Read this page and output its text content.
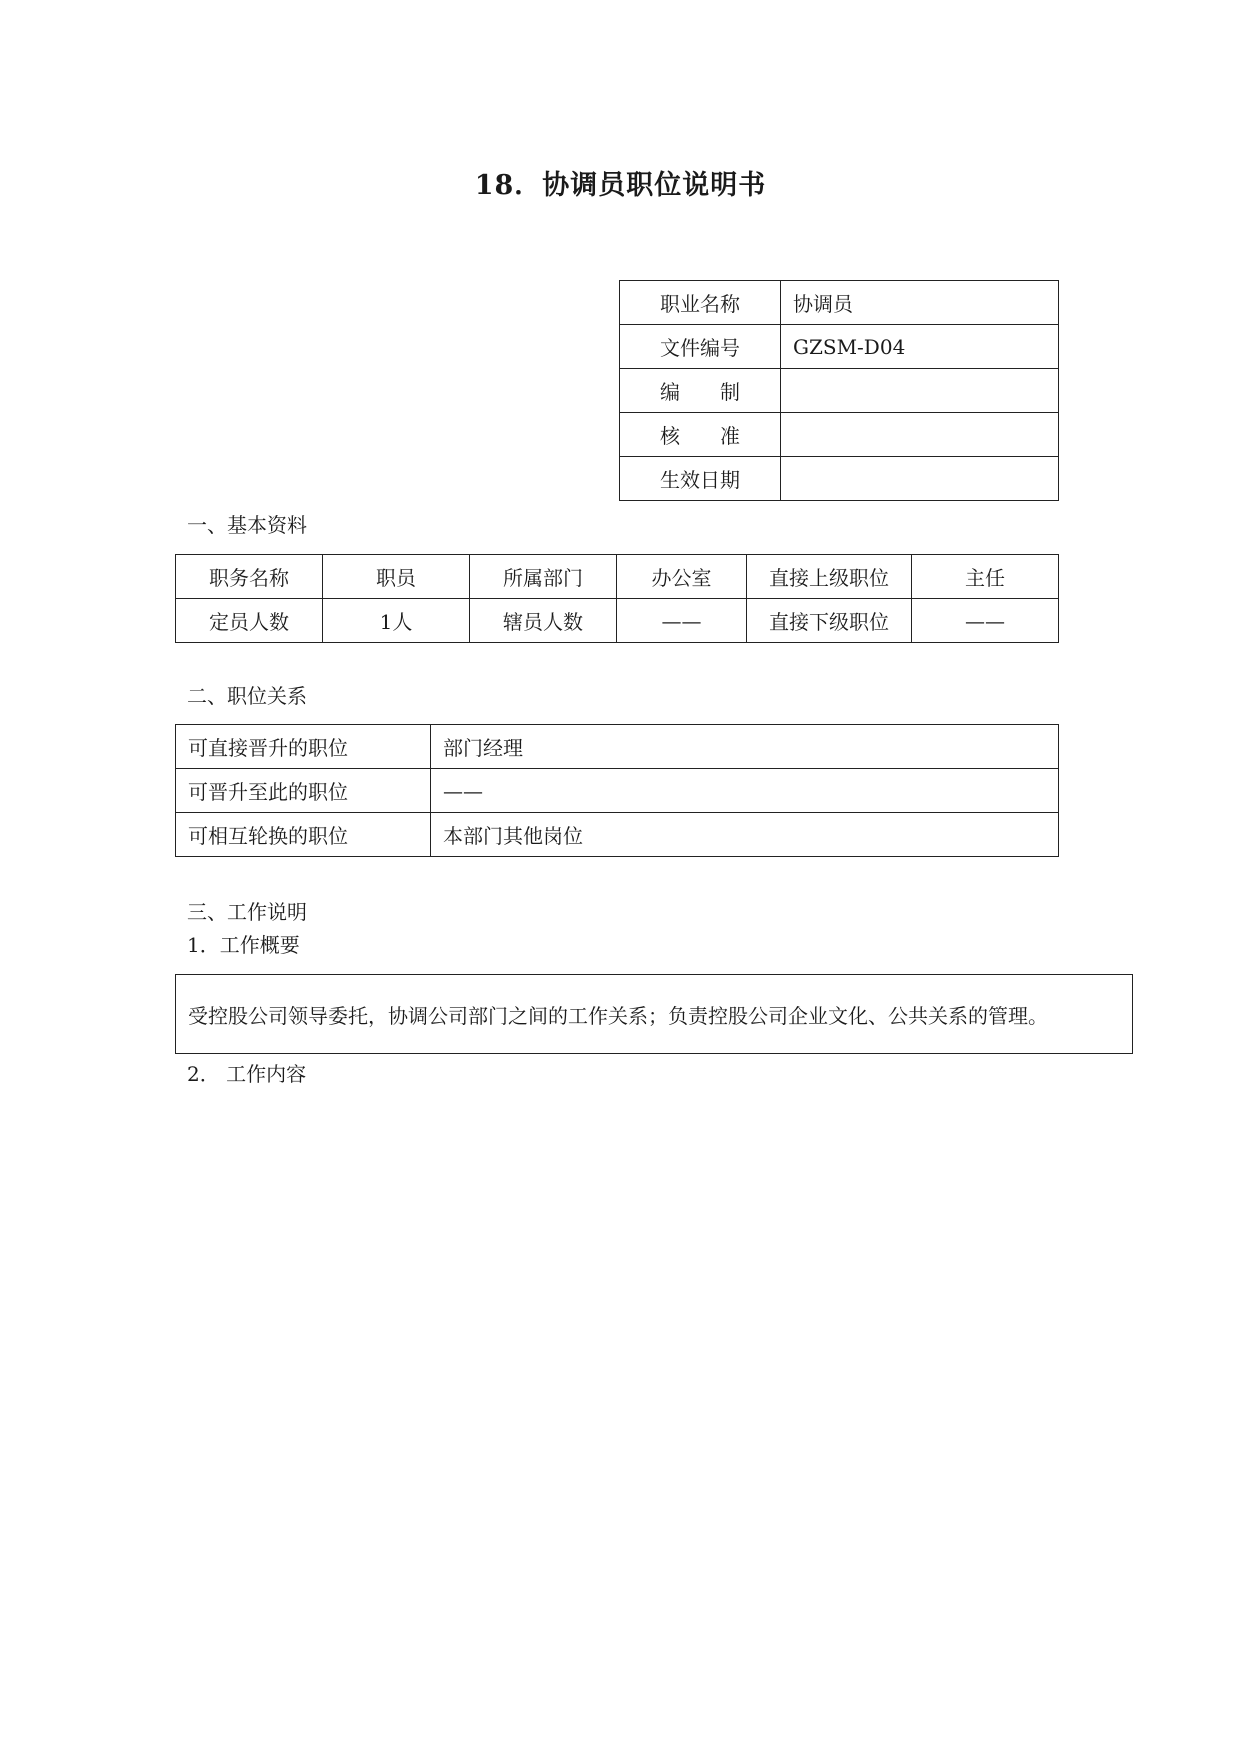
18．协调员职位说明书
职业名称	协调员
文件编号	GZSM-D04
编　　制	
核　　准	
生效日期	
一、基本资料
职务名称	职员	所属部门	办公室	直接上级职位	主任
定员人数	1人	辖员人数	——	直接下级职位	——
二、职位关系
可直接晋升的职位	部门经理
可晋升至此的职位	——
可相互轮换的职位	本部门其他岗位
三、工作说明
1．工作概要
受控股公司领导委托，协调公司部门之间的工作关系；负责控股公司企业文化、公共关系的管理。
2． 工作内容
